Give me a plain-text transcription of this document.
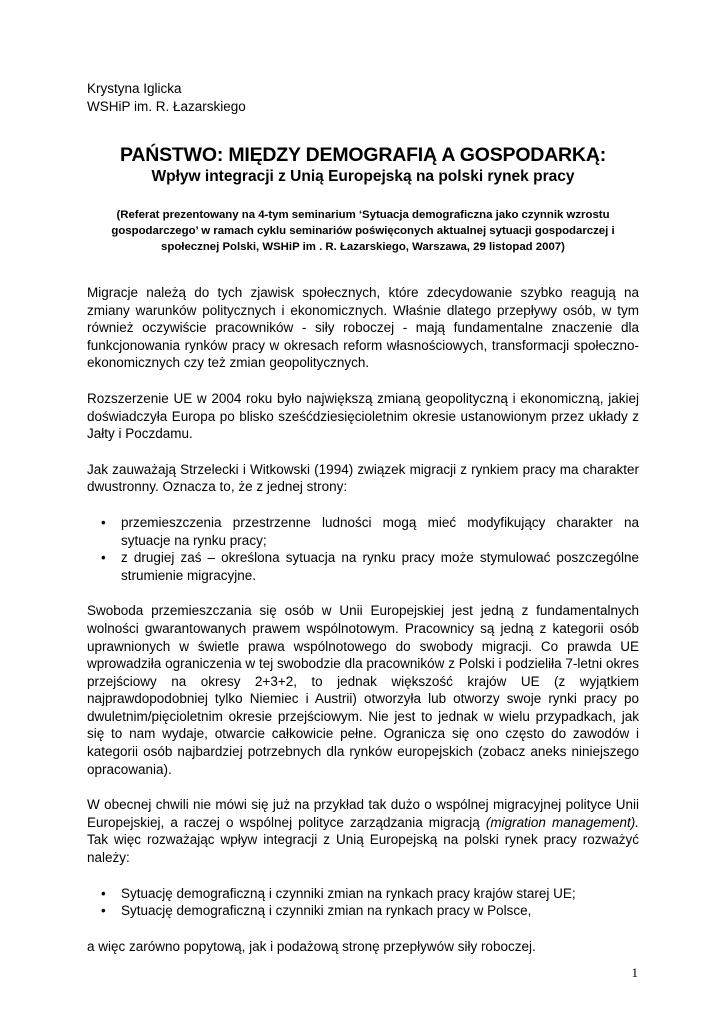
Krystyna Iglicka
WSHiP im. R. Łazarskiego
PAŃSTWO: MIĘDZY DEMOGRAFIĄ A GOSPODARKĄ:
Wpływ integracji z Unią Europejską na polski rynek pracy
(Referat prezentowany na 4-tym seminarium ‘Sytuacja demograficzna jako czynnik wzrostu gospodarczego’ w ramach cyklu seminariów poświęconych aktualnej sytuacji gospodarczej i społecznej Polski, WSHiP im . R. Łazarskiego, Warszawa, 29 listopad 2007)

Migracje należą do tych zjawisk społecznych, które zdecydowanie szybko reagują na zmiany warunków politycznych i ekonomicznych. Właśnie dlatego przepływy osób, w tym również oczywiście pracowników - siły roboczej - mają fundamentalne znaczenie dla funkcjonowania rynków pracy w okresach reform własnościowych, transformacji społeczno-ekonomicznych czy też zmian geopolitycznych.

Rozszerzenie UE w 2004 roku było największą zmianą geopolityczną i ekonomiczną, jakiej doświadczyła Europa po blisko sześćdziesięcioletnim okresie ustanowionym przez układy z Jałty i Poczdamu.

Jak zauważają Strzelecki i Witkowski (1994) związek migracji z rynkiem pracy ma charakter dwustronny. Oznacza to, że z jednej strony:

• przemieszczenia przestrzenne ludności mogą mieć modyfikujący charakter na sytuacje na rynku pracy;
• z drugiej zaś – określona sytuacja na rynku pracy może stymulować poszczególne strumienie migracyjne.

Swoboda przemieszczania się osób w Unii Europejskiej jest jedną z fundamentalnych wolności gwarantowanych prawem wspólnotowym. Pracownicy są jedną z kategorii osób uprawnionych w świetle prawa wspólnotowego do swobody migracji. Co prawda UE wprowadziła ograniczenia w tej swobodzie dla pracowników z Polski i podzieliła 7-letni okres przejściowy na okresy 2+3+2, to jednak większość krajów UE (z wyjątkiem najprawdopodobniej tylko Niemiec i Austrii) otworzyła lub otworzy swoje rynki pracy po dwuletnim/pięcioletnim okresie przejściowym. Nie jest to jednak w wielu przypadkach, jak się to nam wydaje, otwarcie całkowicie pełne. Ogranicza się ono często do zawodów i kategorii osób najbardziej potrzebnych dla rynków europejskich (zobacz aneks niniejszego opracowania).

W obecnej chwili nie mówi się już na przykład tak dużo o wspólnej migracyjnej polityce Unii Europejskiej, a raczej o wspólnej polityce zarządzania migracją (migration management). Tak więc rozważając wpływ integracji z Unią Europejską na polski rynek pracy rozważyć należy:

• Sytuację demograficzną i czynniki zmian na rynkach pracy krajów starej UE;
• Sytuację demograficzną i czynniki zmian na rynkach pracy w Polsce,

a więc zarówno popytową, jak i podażową stronę przepływów siły roboczej.

1
